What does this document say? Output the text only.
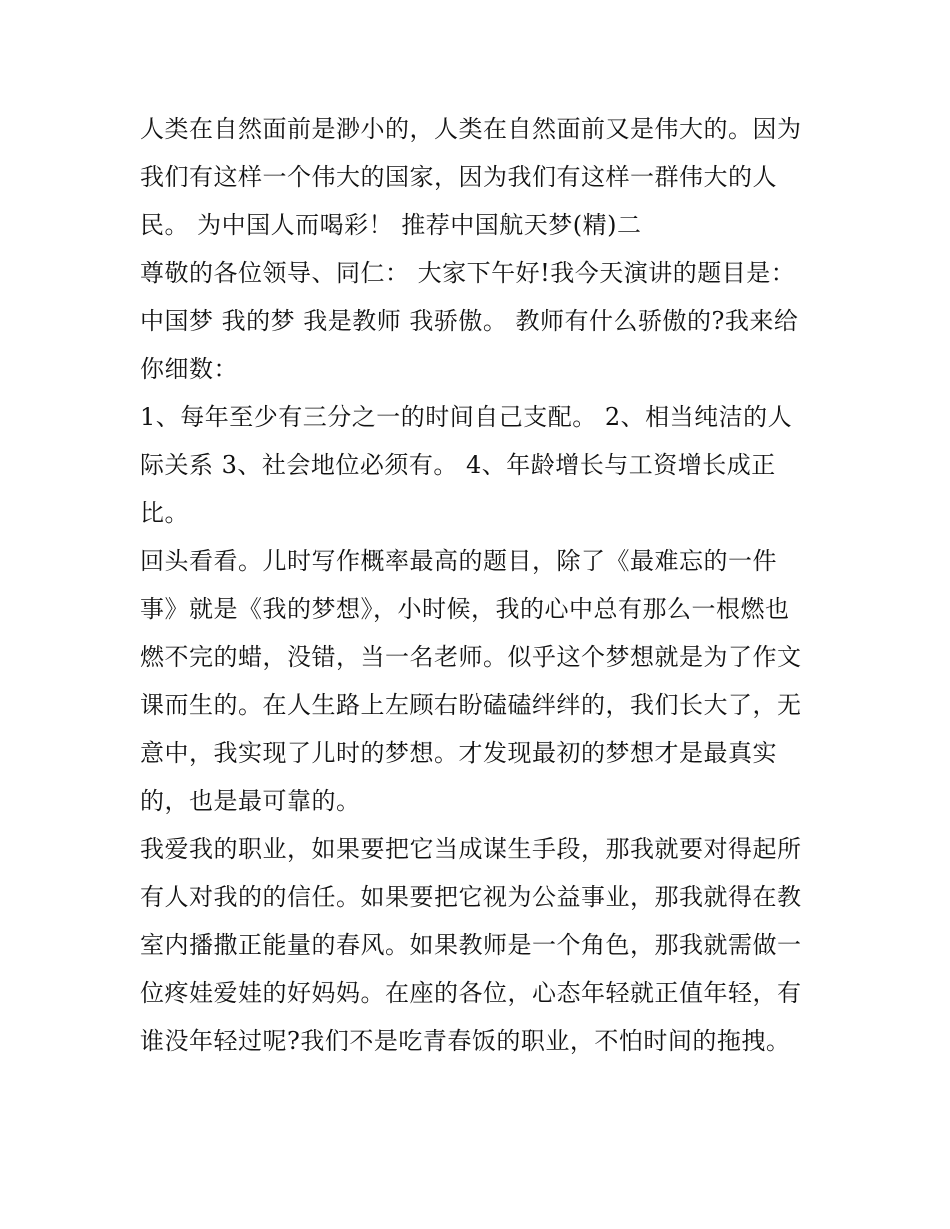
人类在自然面前是渺小的，人类在自然面前又是伟大的。因为
我们有这样一个伟大的国家，因为我们有这样一群伟大的人
民。 为中国人而喝彩！ 推荐中国航天梦(精)二
尊敬的各位领导、同仁： 大家下午好!我今天演讲的题目是：
中国梦 我的梦 我是教师 我骄傲。 教师有什么骄傲的?我来给
你细数：
1、每年至少有三分之一的时间自己支配。 2、相当纯洁的人
际关系 3、社会地位必须有。 4、年龄增长与工资增长成正
比。
回头看看。儿时写作概率最高的题目，除了《最难忘的一件
事》就是《我的梦想》，小时候，我的心中总有那么一根燃也
燃不完的蜡，没错，当一名老师。似乎这个梦想就是为了作文
课而生的。在人生路上左顾右盼磕磕绊绊的，我们长大了，无
意中，我实现了儿时的梦想。才发现最初的梦想才是最真实
的，也是最可靠的。
我爱我的职业，如果要把它当成谋生手段，那我就要对得起所
有人对我的的信任。如果要把它视为公益事业，那我就得在教
室内播撒正能量的春风。如果教师是一个角色，那我就需做一
位疼娃爱娃的好妈妈。在座的各位，心态年轻就正值年轻，有
谁没年轻过呢?我们不是吃青春饭的职业，不怕时间的拖拽。
